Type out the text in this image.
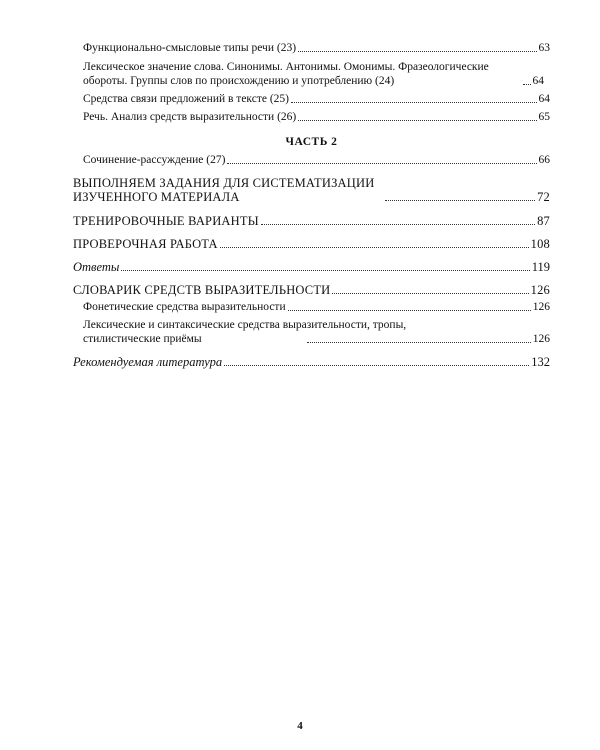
Функционально-смысловые типы речи (23)	63
Лексическое значение слова. Синонимы. Антонимы. Омонимы. Фразеологические обороты. Группы слов по происхождению и употреблению (24)	64
Средства связи предложений в тексте (25)	64
Речь. Анализ средств выразительности (26)	65
ЧАСТЬ 2
Сочинение-рассуждение (27)	66
ВЫПОЛНЯЕМ ЗАДАНИЯ ДЛЯ СИСТЕМАТИЗАЦИИ ИЗУЧЕННОГО МАТЕРИАЛА	72
ТРЕНИРОВОЧНЫЕ ВАРИАНТЫ	87
ПРОВЕРОЧНАЯ РАБОТА	108
Ответы	119
СЛОВАРИК СРЕДСТВ ВЫРАЗИТЕЛЬНОСТИ	126
Фонетические средства выразительности	126
Лексические и синтаксические средства выразительности, тропы, стилистические приёмы	126
Рекомендуемая литература	132
4
